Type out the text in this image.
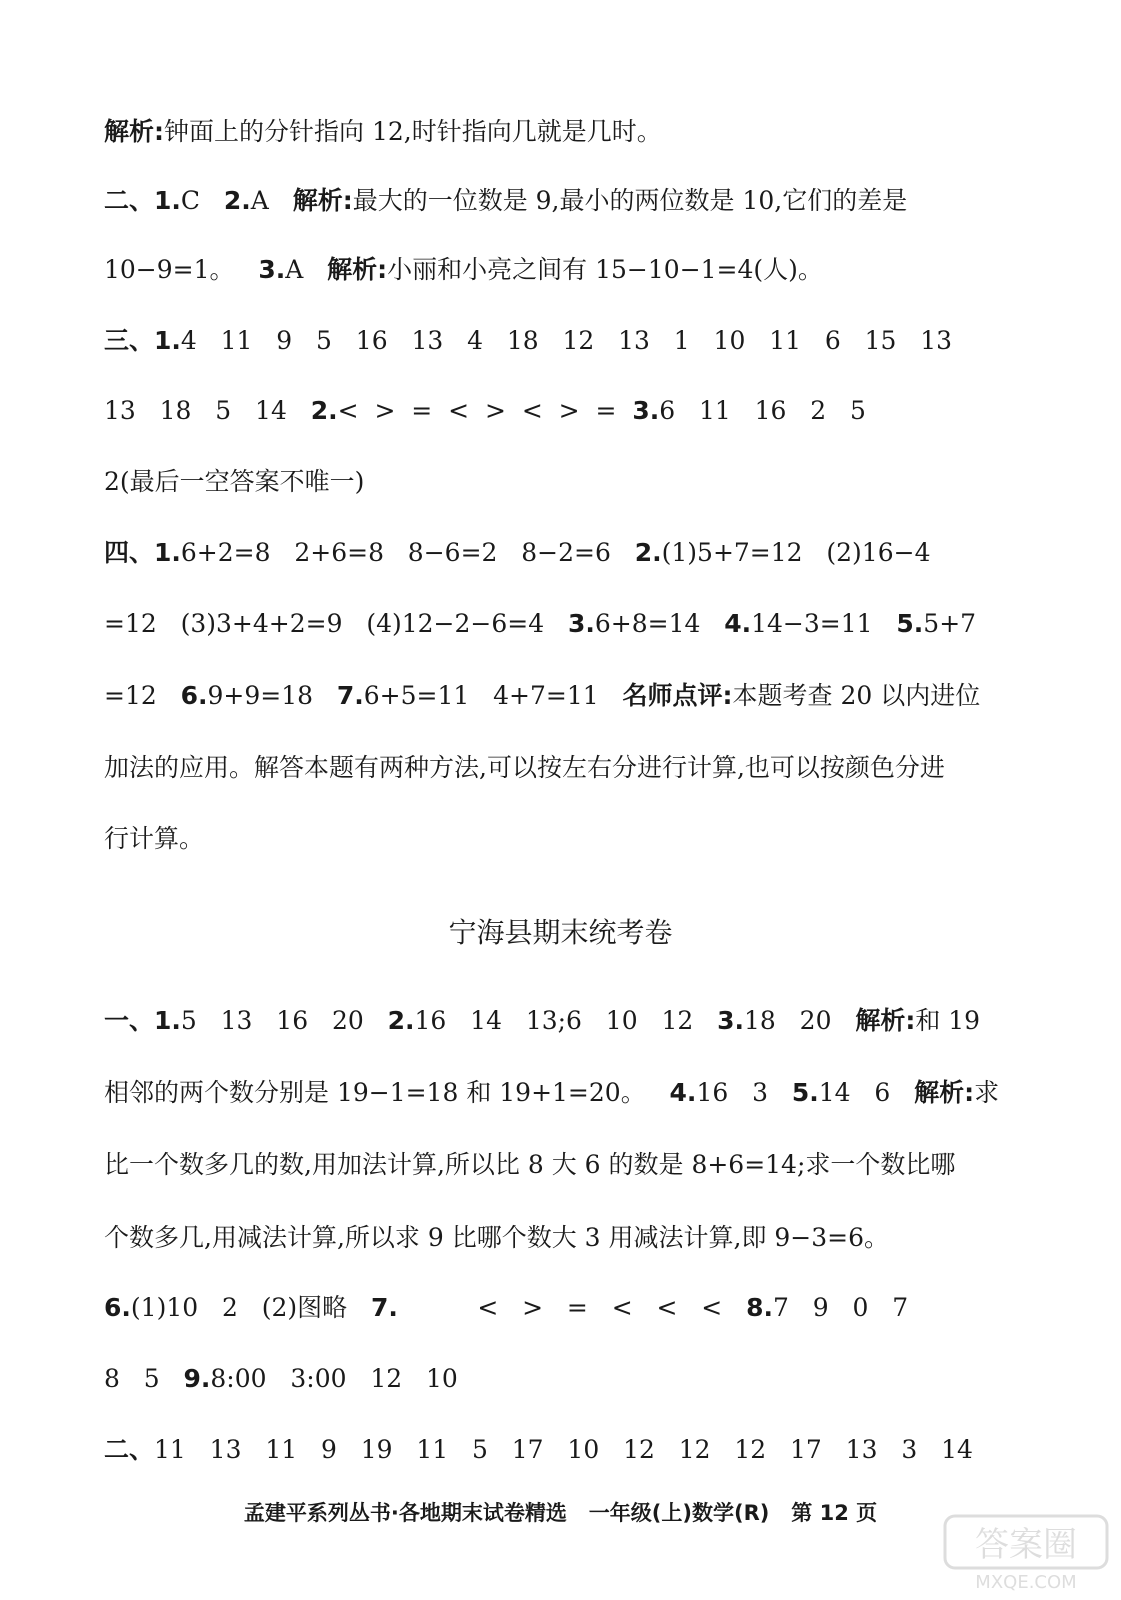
解析:钟面上的分针指向 12,时针指向几就是几时。
二、1.C   2.A   解析:最大的一位数是 9,最小的两位数是 10,它们的差是
10−9=1。   3.A   解析:小丽和小亮之间有 15−10−1=4(人)。
三、1.4   11   9   5   16   13   4   18   12   13   1   10   11   6   15   13
13   18   5   14   2.<  >  =  <  >  <  >  =  3.6   11   16   2   5
2(最后一空答案不唯一)
四、1.6+2=8   2+6=8   8−6=2   8−2=6   2.(1)5+7=12   (2)16−4
=12   (3)3+4+2=9   (4)12−2−6=4   3.6+8=14   4.14−3=11   5.5+7
=12   6.9+9=18   7.6+5=11   4+7=11   名师点评:本题考查 20 以内进位
加法的应用。解答本题有两种方法,可以按左右分进行计算,也可以按颜色分进
行计算。
宁海县期末统考卷
一、1.5   13   16   20   2.16   14   13;6   10   12   3.18   20   解析:和 19
相邻的两个数分别是 19−1=18 和 19+1=20。   4.16   3   5.14   6   解析:求
比一个数多几的数,用加法计算,所以比 8 大 6 的数是 8+6=14;求一个数比哪
个数多几,用减法计算,所以求 9 比哪个数大 3 用减法计算,即 9−3=6。
6.(1)10   2   (2)图略   7.          <   >   =   <   <   <   8.7   9   0   7
8   5   9.8:00   3:00   12   10
二、11   13   11   9   19   11   5   17   10   12   12   12   17   13   3   14
孟建平系列丛书·各地期末试卷精选   一年级(上)数学(R)   第 12 页
答案圈
MXQE.COM
